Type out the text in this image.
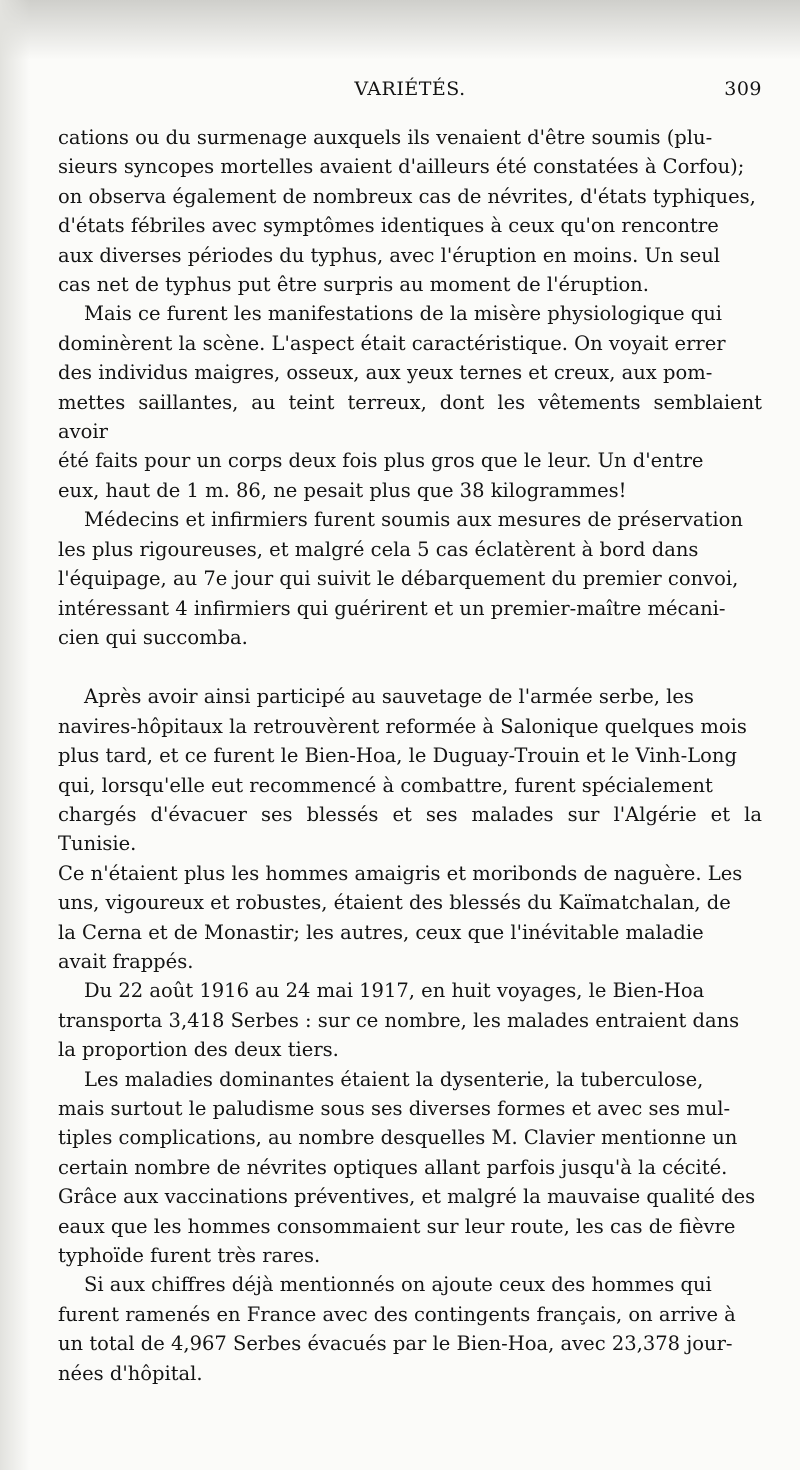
VARIÉTÉS.	309

cations ou du surmenage auxquels ils venaient d'être soumis (plu-
sieurs syncopes mortelles avaient d'ailleurs été constatées à Corfou);
on observa également de nombreux cas de névrites, d'états typhiques,
d'états fébriles avec symptômes identiques à ceux qu'on rencontre
aux diverses périodes du typhus, avec l'éruption en moins. Un seul
cas net de typhus put être surpris au moment de l'éruption.

Mais ce furent les manifestations de la misère physiologique qui
dominèrent la scène. L'aspect était caractéristique. On voyait errer
des individus maigres, osseux, aux yeux ternes et creux, aux pom-
mettes saillantes, au teint terreux, dont les vêtements semblaient avoir
été faits pour un corps deux fois plus gros que le leur. Un d'entre
eux, haut de 1 m. 86, ne pesait plus que 38 kilogrammes!

Médecins et infirmiers furent soumis aux mesures de préservation
les plus rigoureuses, et malgré cela 5 cas éclatèrent à bord dans
l'équipage, au 7e jour qui suivit le débarquement du premier convoi,
intéressant 4 infirmiers qui guérirent et un premier-maître mécani-
cien qui succomba.

Après avoir ainsi participé au sauvetage de l'armée serbe, les
navires-hôpitaux la retrouvèrent reformée à Salonique quelques mois
plus tard, et ce furent le Bien-Hoa, le Duguay-Trouin et le Vinh-Long
qui, lorsqu'elle eut recommencé à combattre, furent spécialement
chargés d'évacuer ses blessés et ses malades sur l'Algérie et la Tunisie.
Ce n'étaient plus les hommes amaigris et moribonds de naguère. Les
uns, vigoureux et robustes, étaient des blessés du Kaïmatchalan, de
la Cerna et de Monastir; les autres, ceux que l'inévitable maladie
avait frappés.

Du 22 août 1916 au 24 mai 1917, en huit voyages, le Bien-Hoa
transporta 3,418 Serbes : sur ce nombre, les malades entraient dans
la proportion des deux tiers.

Les maladies dominantes étaient la dysenterie, la tuberculose,
mais surtout le paludisme sous ses diverses formes et avec ses mul-
tiples complications, au nombre desquelles M. Clavier mentionne un
certain nombre de névrites optiques allant parfois jusqu'à la cécité.
Grâce aux vaccinations préventives, et malgré la mauvaise qualité des
eaux que les hommes consommaient sur leur route, les cas de fièvre
typhoïde furent très rares.

Si aux chiffres déjà mentionnés on ajoute ceux des hommes qui
furent ramenés en France avec des contingents français, on arrive à
un total de 4,967 Serbes évacués par le Bien-Hoa, avec 23,378 jour-
nées d'hôpital.
